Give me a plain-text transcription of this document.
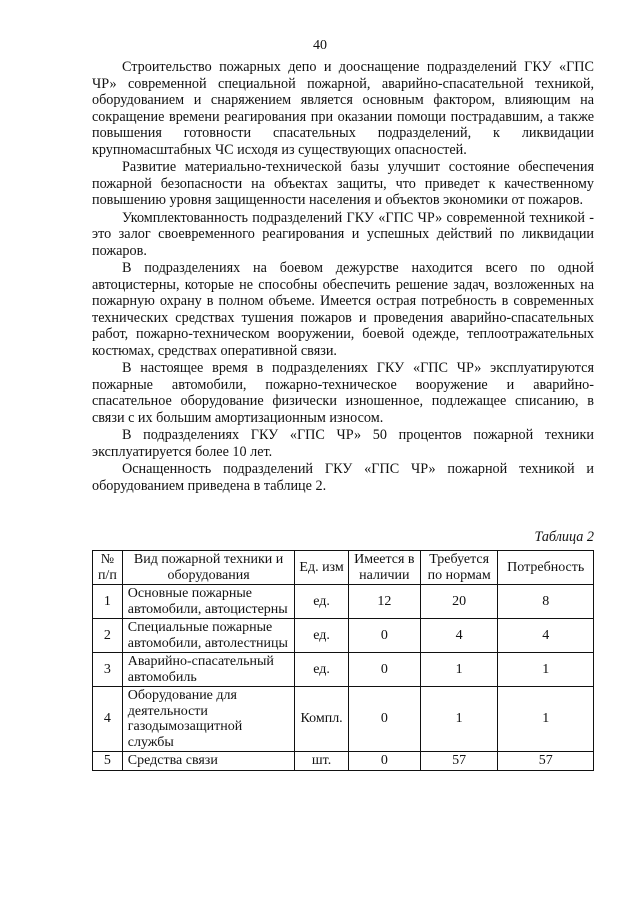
40

Строительство пожарных депо и дооснащение подразделений ГКУ «ГПС ЧР» современной специальной пожарной, аварийно-спасательной техникой, оборудованием и снаряжением является основным фактором, влияющим на сокращение времени реагирования при оказании помощи пострадавшим, а также повышения готовности спасательных подразделений, к ликвидации крупномасштабных ЧС исходя из существующих опасностей.

Развитие материально-технической базы улучшит состояние обеспечения пожарной безопасности на объектах защиты, что приведет к качественному повышению уровня защищенности населения и объектов экономики от пожаров.

Укомплектованность подразделений ГКУ «ГПС ЧР» современной техникой - это залог своевременного реагирования и успешных действий по ликвидации пожаров.

В подразделениях на боевом дежурстве находится всего по одной автоцистерны, которые не способны обеспечить решение задач, возложенных на пожарную охрану в полном объеме. Имеется острая потребность в современных технических средствах тушения пожаров и проведения аварийно-спасательных работ, пожарно-техническом вооружении, боевой одежде, теплоотражательных костюмах, средствах оперативной связи.

В настоящее время в подразделениях ГКУ «ГПС ЧР» эксплуатируются пожарные автомобили, пожарно-техническое вооружение и аварийно-спасательное оборудование физически изношенное, подлежащее списанию, в связи с их большим амортизационным износом.

В подразделениях ГКУ «ГПС ЧР» 50 процентов пожарной техники эксплуатируется более 10 лет.

Оснащенность подразделений ГКУ «ГПС ЧР» пожарной техникой и оборудованием приведена в таблице 2.

Таблица 2
№ п/п	Вид пожарной техники и оборудования	Ед. изм	Имеется в наличии	Требуется по нормам	Потребность
1	Основные пожарные автомобили, автоцистерны	ед.	12	20	8
2	Специальные пожарные автомобили, автолестницы	ед.	0	4	4
3	Аварийно-спасательный автомобиль	ед.	0	1	1
4	Оборудование для деятельности газодымозащитной службы	Компл.	0	1	1
5	Средства связи	шт.	0	57	57
